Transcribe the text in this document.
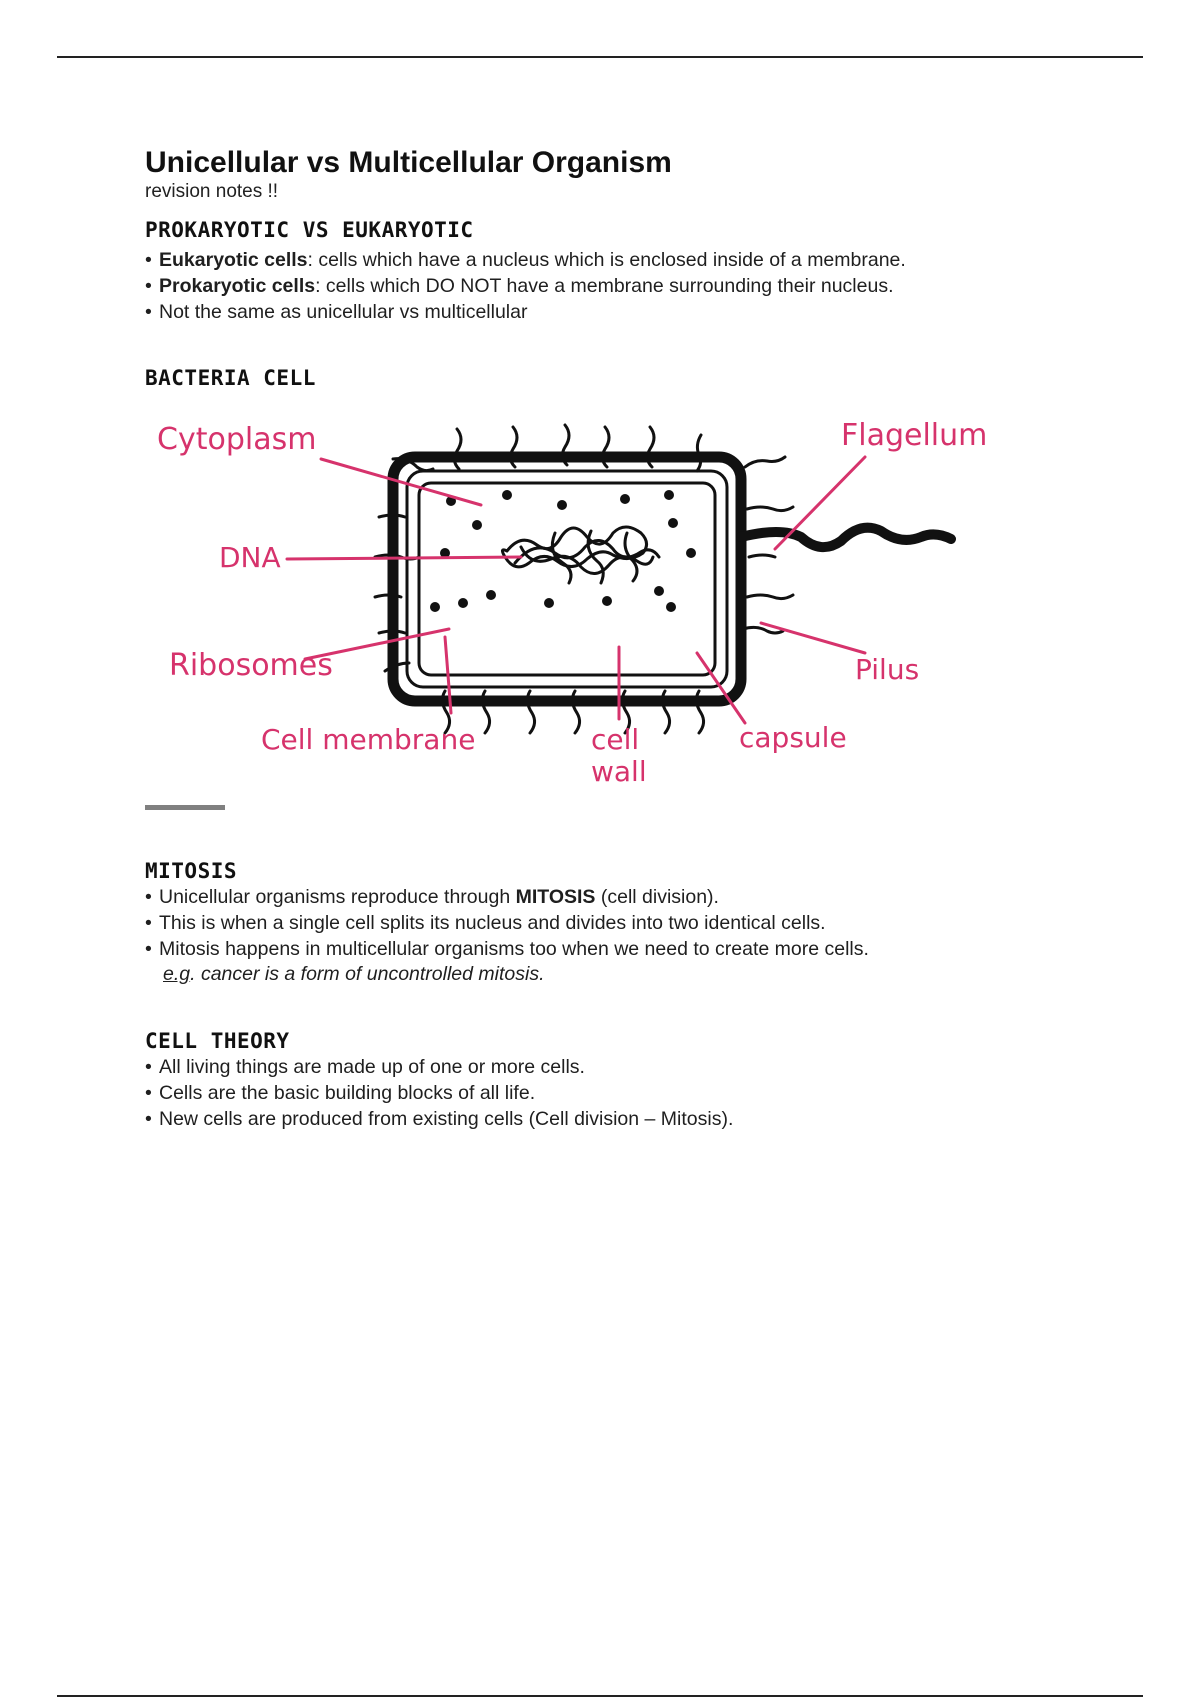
Unicellular vs Multicellular Organism

revision notes !!

PROKARYOTIC VS EUKARYOTIC
• Eukaryotic cells: cells which have a nucleus which is enclosed inside of a membrane.
• Prokaryotic cells: cells which DO NOT have a membrane surrounding their nucleus.
• Not the same as unicellular vs multicellular
BACTERIA CELL
Cytoplasm
DNA
Ribosomes
Cell membrane	cell
wall
capsule
Pilus
Flagellum
MITOSIS
• Unicellular organisms reproduce through MITOSIS (cell division).
• This is when a single cell splits its nucleus and divides into two identical cells.
• Mitosis happens in multicellular organisms too when we need to create more cells.
e.g. cancer is a form of uncontrolled mitosis.
CELL THEORY
• All living things are made up of one or more cells.
• Cells are the basic building blocks of all life.
• New cells are produced from existing cells (Cell division – Mitosis).
